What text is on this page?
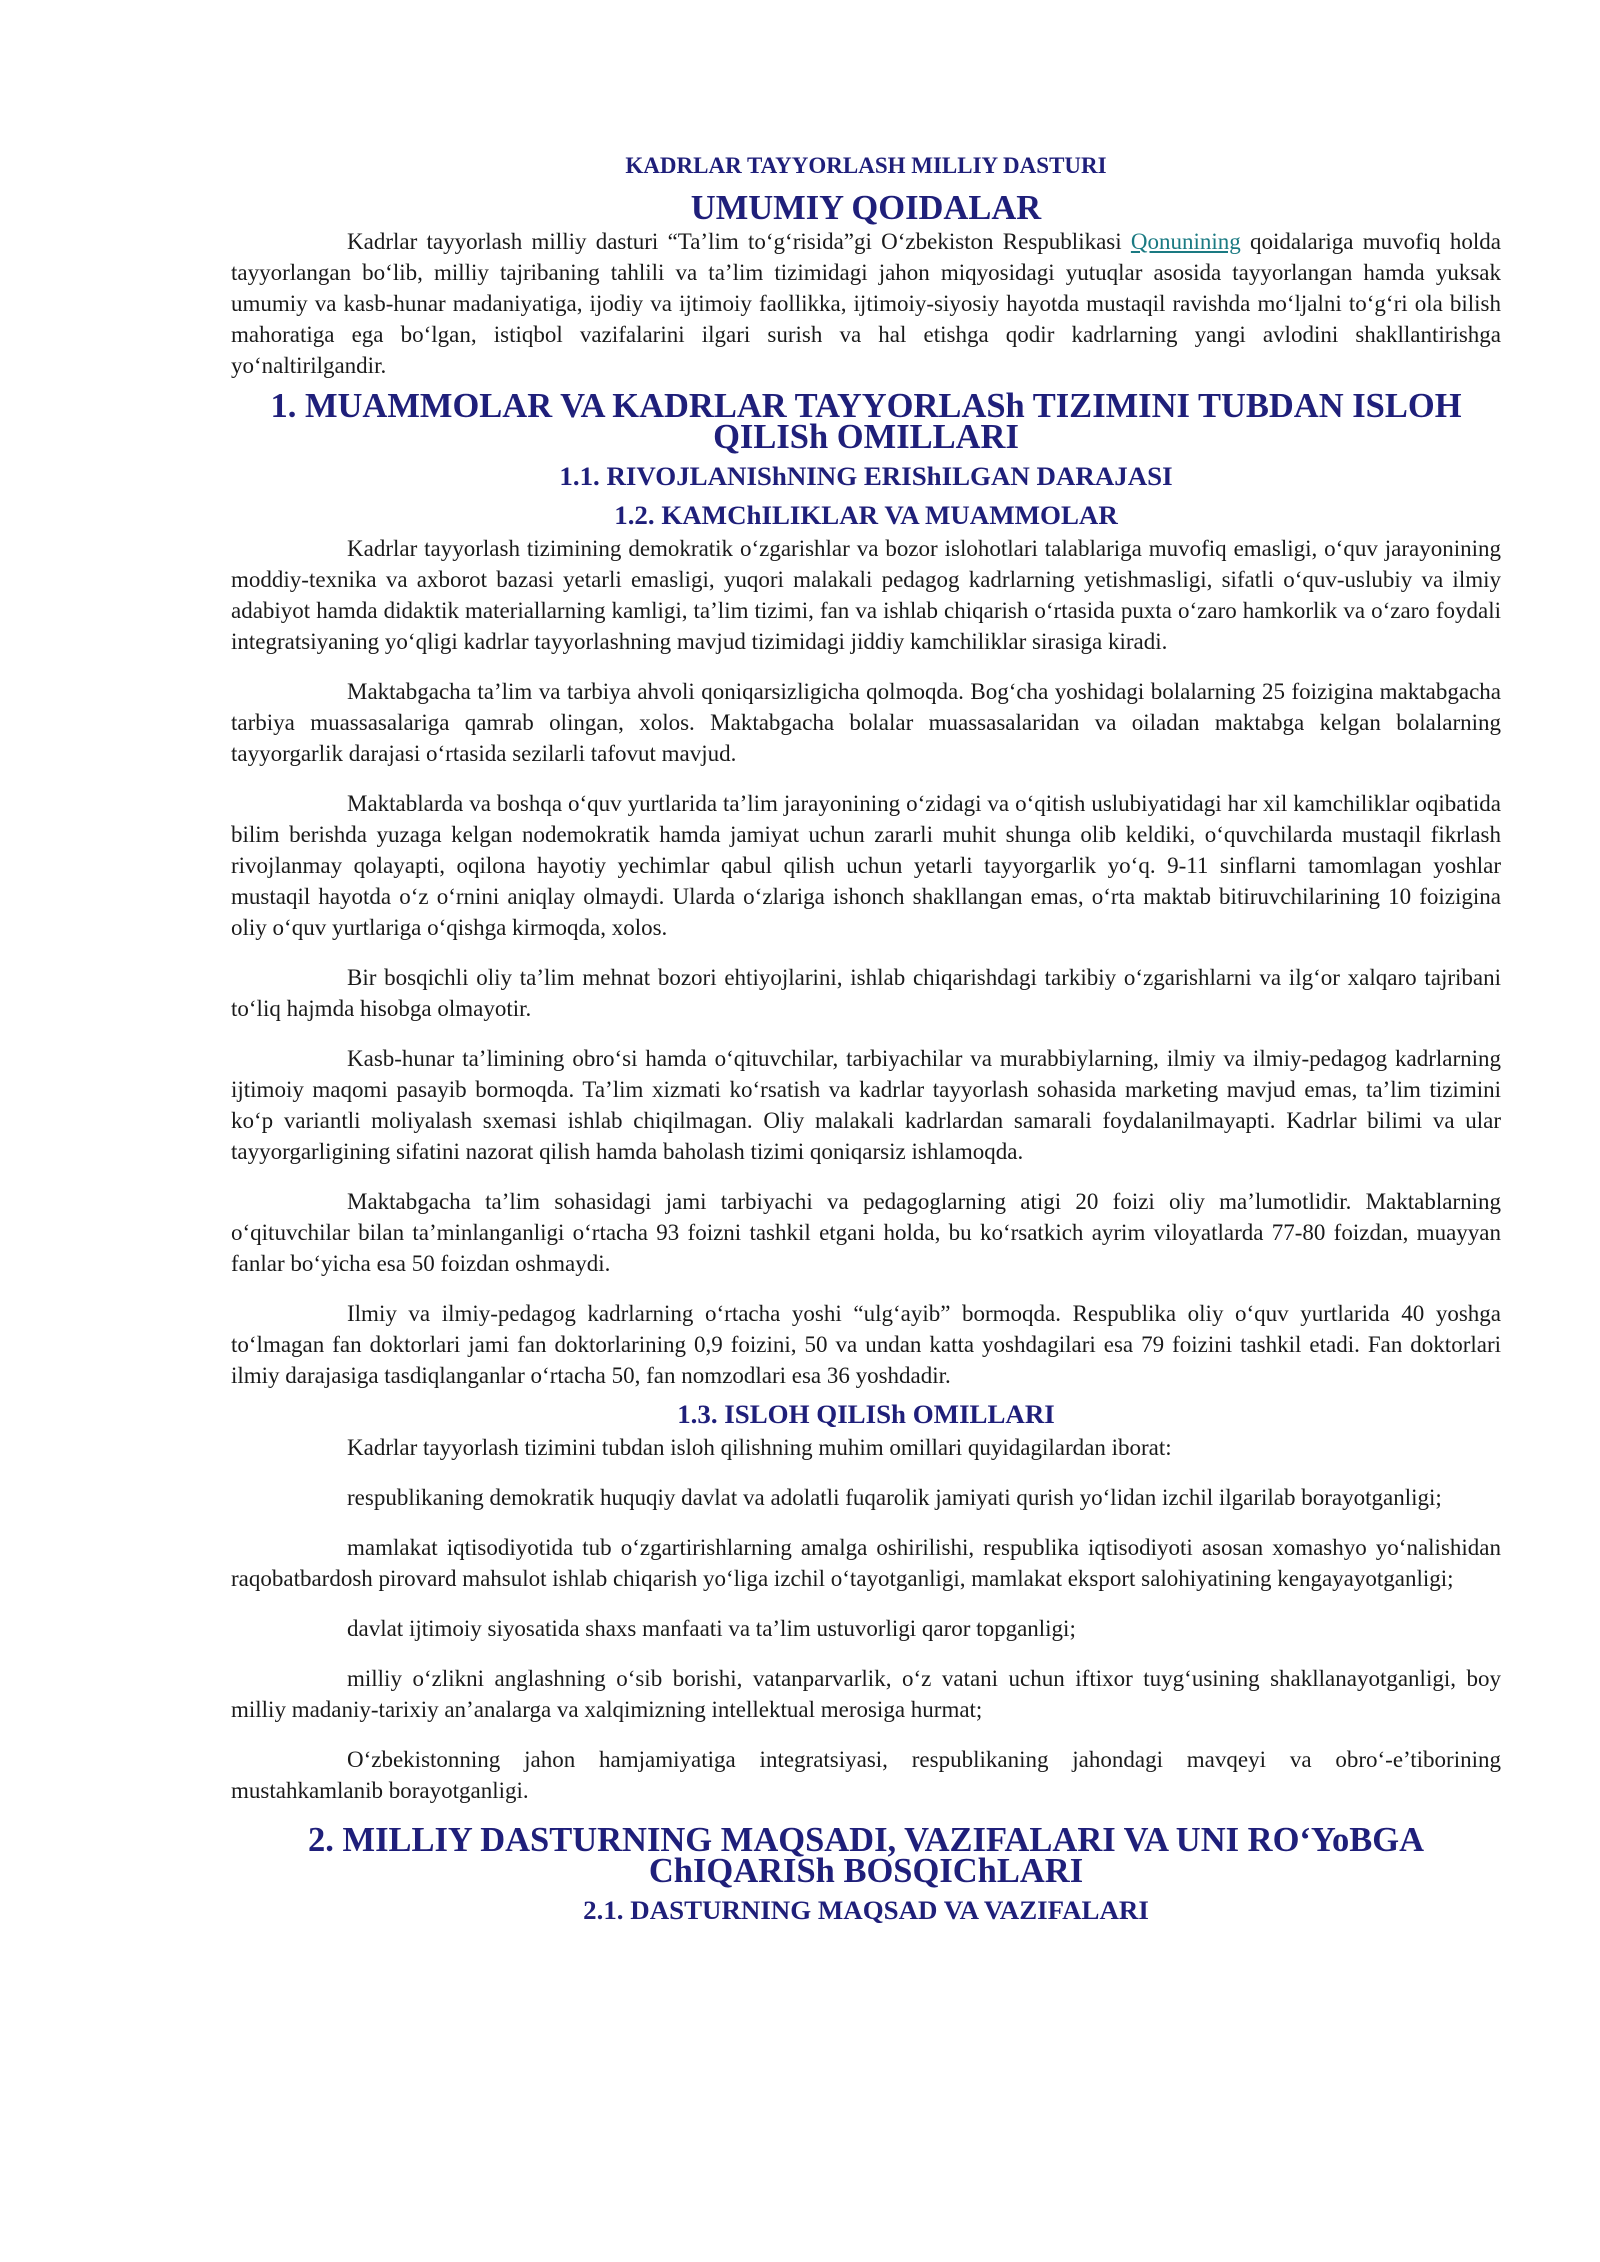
KADRLAR TAYYORLASH MILLIY DASTURI
UMUMIY QOIDALAR

Kadrlar tayyorlash milliy dasturi “Ta’lim to‘g‘risida”gi O‘zbekiston Respublikasi Qonunining qoidalariga muvofiq holda tayyorlangan bo‘lib, milliy tajribaning tahlili va ta’lim tizimidagi jahon miqyosidagi yutuqlar asosida tayyorlangan hamda yuksak umumiy va kasb-hunar madaniyatiga, ijodiy va ijtimoiy faollikka, ijtimoiy-siyosiy hayotda mustaqil ravishda mo‘ljalni to‘g‘ri ola bilish mahoratiga ega bo‘lgan, istiqbol vazifalarini ilgari surish va hal etishga qodir kadrlarning yangi avlodini shakllantirishga yo‘naltirilgandir.

1. MUAMMOLAR VA KADRLAR TAYYORLASh TIZIMINI TUBDAN ISLOH QILISh OMILLARI
1.1. RIVOJLANIShNING ERIShILGAN DARAJASI
1.2. KAMChILIKLAR VA MUAMMOLAR

Kadrlar tayyorlash tizimining demokratik o‘zgarishlar va bozor islohotlari talablariga muvofiq emasligi, o‘quv jarayonining moddiy-texnika va axborot bazasi yetarli emasligi, yuqori malakali pedagog kadrlarning yetishmasligi, sifatli o‘quv-uslubiy va ilmiy adabiyot hamda didaktik materiallarning kamligi, ta’lim tizimi, fan va ishlab chiqarish o‘rtasida puxta o‘zaro hamkorlik va o‘zaro foydali integratsiyaning yo‘qligi kadrlar tayyorlashning mavjud tizimidagi jiddiy kamchiliklar sirasiga kiradi.

Maktabgacha ta’lim va tarbiya ahvoli qoniqarsizligicha qolmoqda. Bog‘cha yoshidagi bolalarning 25 foizigina maktabgacha tarbiya muassasalariga qamrab olingan, xolos. Maktabgacha bolalar muassasalaridan va oiladan maktabga kelgan bolalarning tayyorgarlik darajasi o‘rtasida sezilarli tafovut mavjud.

Maktablarda va boshqa o‘quv yurtlarida ta’lim jarayonining o‘zidagi va o‘qitish uslubiyatidagi har xil kamchiliklar oqibatida bilim berishda yuzaga kelgan nodemokratik hamda jamiyat uchun zararli muhit shunga olib keldiki, o‘quvchilarda mustaqil fikrlash rivojlanmay qolayapti, oqilona hayotiy yechimlar qabul qilish uchun yetarli tayyorgarlik yo‘q. 9-11 sinflarni tamomlagan yoshlar mustaqil hayotda o‘z o‘rnini aniqlay olmaydi. Ularda o‘zlariga ishonch shakllangan emas, o‘rta maktab bitiruvchilarining 10 foizigina oliy o‘quv yurtlariga o‘qishga kirmoqda, xolos.

Bir bosqichli oliy ta’lim mehnat bozori ehtiyojlarini, ishlab chiqarishdagi tarkibiy o‘zgarishlarni va ilg‘or xalqaro tajribani to‘liq hajmda hisobga olmayotir.

Kasb-hunar ta’limining obro‘si hamda o‘qituvchilar, tarbiyachilar va murabbiylarning, ilmiy va ilmiy-pedagog kadrlarning ijtimoiy maqomi pasayib bormoqda. Ta’lim xizmati ko‘rsatish va kadrlar tayyorlash sohasida marketing mavjud emas, ta’lim tizimini ko‘p variantli moliyalash sxemasi ishlab chiqilmagan. Oliy malakali kadrlardan samarali foydalanilmayapti. Kadrlar bilimi va ular tayyorgarligining sifatini nazorat qilish hamda baholash tizimi qoniqarsiz ishlamoqda.

Maktabgacha ta’lim sohasidagi jami tarbiyachi va pedagoglarning atigi 20 foizi oliy ma’lumotlidir. Maktablarning o‘qituvchilar bilan ta’minlanganligi o‘rtacha 93 foizni tashkil etgani holda, bu ko‘rsatkich ayrim viloyatlarda 77-80 foizdan, muayyan fanlar bo‘yicha esa 50 foizdan oshmaydi.

Ilmiy va ilmiy-pedagog kadrlarning o‘rtacha yoshi “ulg‘ayib” bormoqda. Respublika oliy o‘quv yurtlarida 40 yoshga to‘lmagan fan doktorlari jami fan doktorlarining 0,9 foizini, 50 va undan katta yoshdagilari esa 79 foizini tashkil etadi. Fan doktorlari ilmiy darajasiga tasdiqlanganlar o‘rtacha 50, fan nomzodlari esa 36 yoshdadir.

1.3. ISLOH QILISh OMILLARI

Kadrlar tayyorlash tizimini tubdan isloh qilishning muhim omillari quyidagilardan iborat:

respublikaning demokratik huquqiy davlat va adolatli fuqarolik jamiyati qurish yo‘lidan izchil ilgarilab borayotganligi;

mamlakat iqtisodiyotida tub o‘zgartirishlarning amalga oshirilishi, respublika iqtisodiyoti asosan xomashyo yo‘nalishidan raqobatbardosh pirovard mahsulot ishlab chiqarish yo‘liga izchil o‘tayotganligi, mamlakat eksport salohiyatining kengayayotganligi;

davlat ijtimoiy siyosatida shaxs manfaati va ta’lim ustuvorligi qaror topganligi;

milliy o‘zlikni anglashning o‘sib borishi, vatanparvarlik, o‘z vatani uchun iftixor tuyg‘usining shakllanayotganligi, boy milliy madaniy-tarixiy an’analarga va xalqimizning intellektual merosiga hurmat;

O‘zbekistonning jahon hamjamiyatiga integratsiyasi, respublikaning jahondagi mavqeyi va obro‘-e’tiborining mustahkamlanib borayotganligi.

2. MILLIY DASTURNING MAQSADI, VAZIFALARI VA UNI RO‘YoBGA ChIQARISh BOSQIChLARI
2.1. DASTURNING MAQSAD VA VAZIFALARI
